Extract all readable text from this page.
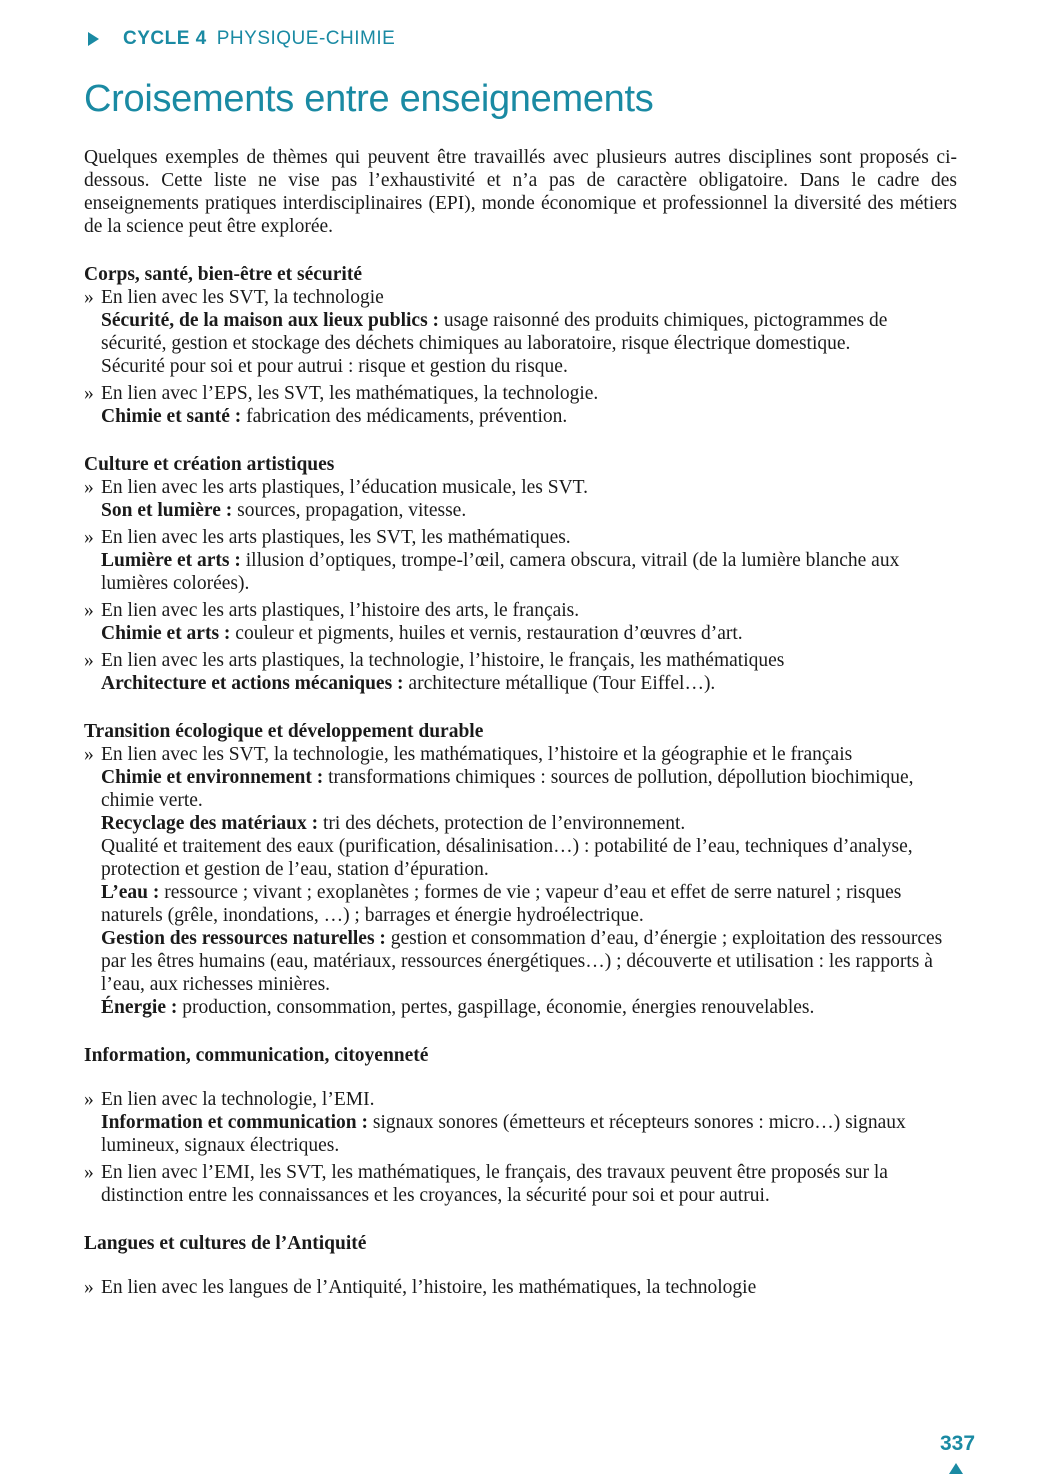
CYCLE 4 PHYSIQUE-CHIMIE
Croisements entre enseignements

Quelques exemples de thèmes qui peuvent être travaillés avec plusieurs autres disciplines sont proposés ci-dessous. Cette liste ne vise pas l’exhaustivité et n’a pas de caractère obligatoire. Dans le cadre des enseignements pratiques interdisciplinaires (EPI), monde économique et professionnel la diversité des métiers de la science peut être explorée.

Corps, santé, bien-être et sécurité

» En lien avec les SVT, la technologie

Sécurité, de la maison aux lieux publics : usage raisonné des produits chimiques, pictogrammes de sécurité, gestion et stockage des déchets chimiques au laboratoire, risque électrique domestique.

Sécurité pour soi et pour autrui : risque et gestion du risque.

» En lien avec l’EPS, les SVT, les mathématiques, la technologie.

Chimie et santé : fabrication des médicaments, prévention.

Culture et création artistiques

» En lien avec les arts plastiques, l’éducation musicale, les SVT.

Son et lumière : sources, propagation, vitesse.

» En lien avec les arts plastiques, les SVT, les mathématiques.

Lumière et arts : illusion d’optiques, trompe-l’œil, camera obscura, vitrail (de la lumière blanche aux lumières colorées).

» En lien avec les arts plastiques, l’histoire des arts, le français.

Chimie et arts : couleur et pigments, huiles et vernis, restauration d’œuvres d’art.

» En lien avec les arts plastiques, la technologie, l’histoire, le français, les mathématiques

Architecture et actions mécaniques : architecture métallique (Tour Eiffel…).

Transition écologique et développement durable

» En lien avec les SVT, la technologie, les mathématiques, l’histoire et la géographie et le français

Chimie et environnement : transformations chimiques : sources de pollution, dépollution biochimique, chimie verte.

Recyclage des matériaux : tri des déchets, protection de l’environnement.

Qualité et traitement des eaux (purification, désalinisation…) : potabilité de l’eau, techniques d’analyse, protection et gestion de l’eau, station d’épuration.

L’eau : ressource ; vivant ; exoplanètes ; formes de vie ; vapeur d’eau et effet de serre naturel ; risques naturels (grêle, inondations, …) ; barrages et énergie hydroélectrique.

Gestion des ressources naturelles : gestion et consommation d’eau, d’énergie ; exploitation des ressources par les êtres humains (eau, matériaux, ressources énergétiques…) ; découverte et utilisation : les rapports à l’eau, aux richesses minières.

Énergie : production, consommation, pertes, gaspillage, économie, énergies renouvelables.

Information, communication, citoyenneté

» En lien avec la technologie, l’EMI.

Information et communication : signaux sonores (émetteurs et récepteurs sonores : micro…) signaux lumineux, signaux électriques.

» En lien avec l’EMI, les SVT, les mathématiques, le français, des travaux peuvent être proposés sur la distinction entre les connaissances et les croyances, la sécurité pour soi et pour autrui.

Langues et cultures de l’Antiquité

» En lien avec les langues de l’Antiquité, l’histoire, les mathématiques, la technologie

337
